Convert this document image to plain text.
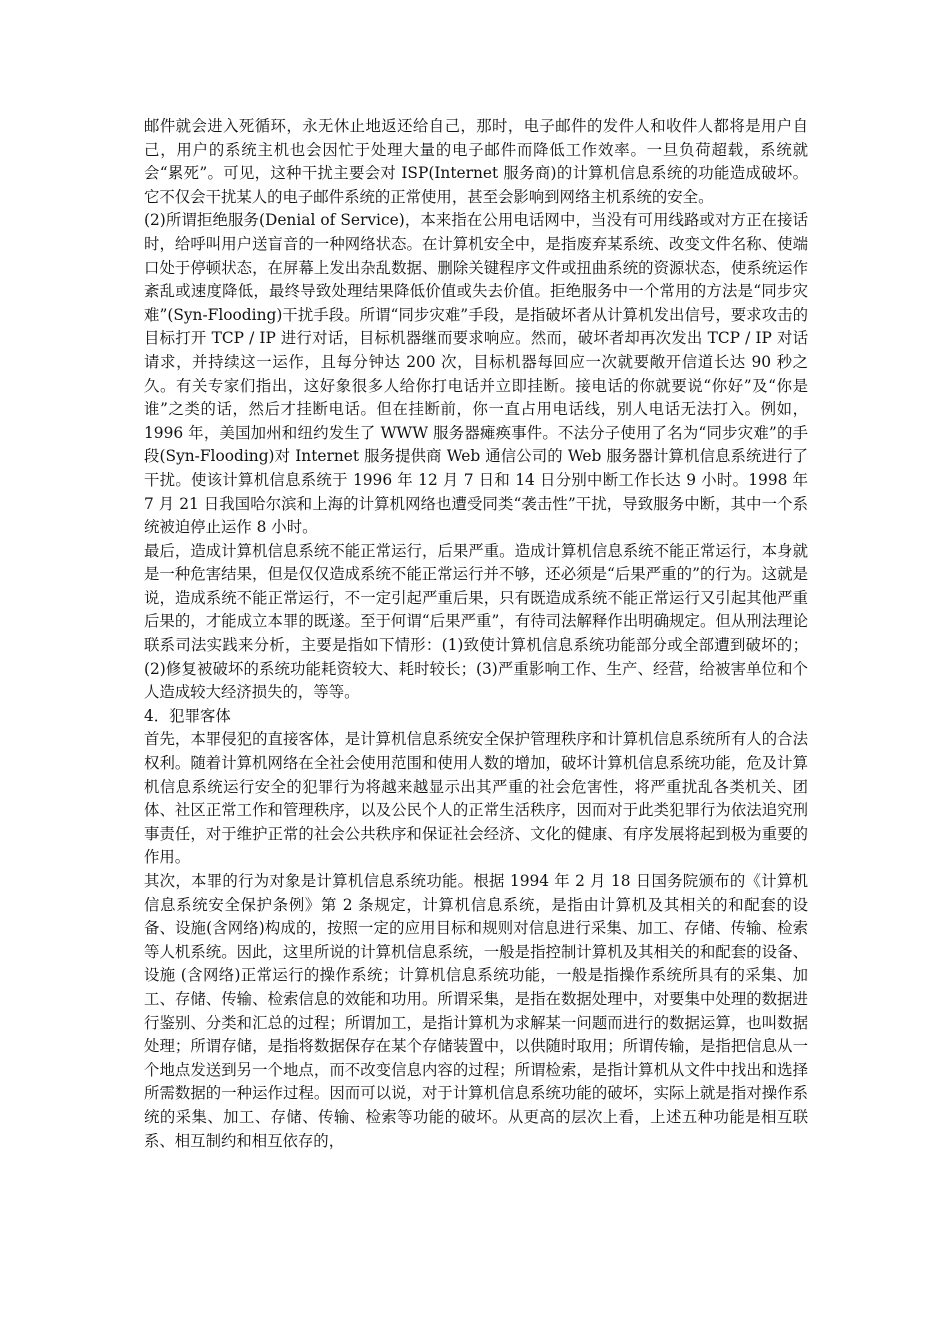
邮件就会进入死循环，永无休止地返还给自己，那时，电子邮件的发件人和收件人都将是用户自己，用户的系统主机也会因忙于处理大量的电子邮件而降低工作效率。一旦负荷超载，系统就会“累死”。可见，这种干扰主要会对 ISP(Internet 服务商)的计算机信息系统的功能造成破坏。它不仅会干扰某人的电子邮件系统的正常使用，甚至会影响到网络主机系统的安全。

(2)所谓拒绝服务(Denial of Service)，本来指在公用电话网中，当没有可用线路或对方正在接话时，给呼叫用户送盲音的一种网络状态。在计算机安全中，是指废弃某系统、改变文件名称、使端口处于停顿状态，在屏幕上发出杂乱数据、删除关键程序文件或扭曲系统的资源状态，使系统运作紊乱或速度降低，最终导致处理结果降低价值或失去价值。拒绝服务中一个常用的方法是“同步灾难”(Syn-Flooding)干扰手段。所谓“同步灾难”手段，是指破坏者从计算机发出信号，要求攻击的目标打开 TCP / IP 进行对话，目标机器继而要求响应。然而，破坏者却再次发出 TCP / IP 对话请求，并持续这一运作，且每分钟达 200 次，目标机器每回应一次就要敞开信道长达 90 秒之久。有关专家们指出，这好象很多人给你打电话并立即挂断。接电话的你就要说“你好”及“你是谁”之类的话，然后才挂断电话。但在挂断前，你一直占用电话线，别人电话无法打入。例如，1996 年，美国加州和纽约发生了 WWW 服务器瘫痪事件。不法分子使用了名为“同步灾难”的手段(Syn-Flooding)对 Internet 服务提供商 Web 通信公司的 Web 服务器计算机信息系统进行了干扰。使该计算机信息系统于 1996 年 12 月 7 日和 14 日分别中断工作长达 9 小时。1998 年 7 月 21 日我国哈尔滨和上海的计算机网络也遭受同类“袭击性”干扰，导致服务中断，其中一个系统被迫停止运作 8 小时。

最后，造成计算机信息系统不能正常运行，后果严重。造成计算机信息系统不能正常运行，本身就是一种危害结果，但是仅仅造成系统不能正常运行并不够，还必须是“后果严重的”的行为。这就是说，造成系统不能正常运行，不一定引起严重后果，只有既造成系统不能正常运行又引起其他严重后果的，才能成立本罪的既遂。至于何谓“后果严重”，有待司法解释作出明确规定。但从刑法理论联系司法实践来分析，主要是指如下情形：(1)致使计算机信息系统功能部分或全部遭到破坏的；(2)修复被破坏的系统功能耗资较大、耗时较长；(3)严重影响工作、生产、经营，给被害单位和个人造成较大经济损失的，等等。

4．犯罪客体

首先，本罪侵犯的直接客体，是计算机信息系统安全保护管理秩序和计算机信息系统所有人的合法权利。随着计算机网络在全社会使用范围和使用人数的增加，破坏计算机信息系统功能，危及计算机信息系统运行安全的犯罪行为将越来越显示出其严重的社会危害性，将严重扰乱各类机关、团体、社区正常工作和管理秩序，以及公民个人的正常生活秩序，因而对于此类犯罪行为依法追究刑事责任，对于维护正常的社会公共秩序和保证社会经济、文化的健康、有序发展将起到极为重要的作用。

其次，本罪的行为对象是计算机信息系统功能。根据 1994 年 2 月 18 日国务院颁布的《计算机信息系统安全保护条例》第 2 条规定，计算机信息系统，是指由计算机及其相关的和配套的设备、设施(含网络)构成的，按照一定的应用目标和规则对信息进行采集、加工、存储、传输、检索等人机系统。因此，这里所说的计算机信息系统，一般是指控制计算机及其相关的和配套的设备、设施 (含网络)正常运行的操作系统；计算机信息系统功能，一般是指操作系统所具有的采集、加工、存储、传输、检索信息的效能和功用。所谓采集，是指在数据处理中，对要集中处理的数据进行鉴别、分类和汇总的过程；所谓加工，是指计算机为求解某一问题而进行的数据运算，也叫数据处理；所谓存储，是指将数据保存在某个存储装置中，以供随时取用；所谓传输，是指把信息从一个地点发送到另一个地点，而不改变信息内容的过程；所谓检索，是指计算机从文件中找出和选择所需数据的一种运作过程。因而可以说，对于计算机信息系统功能的破坏，实际上就是指对操作系统的采集、加工、存储、传输、检索等功能的破坏。从更高的层次上看，上述五种功能是相互联系、相互制约和相互依存的，
